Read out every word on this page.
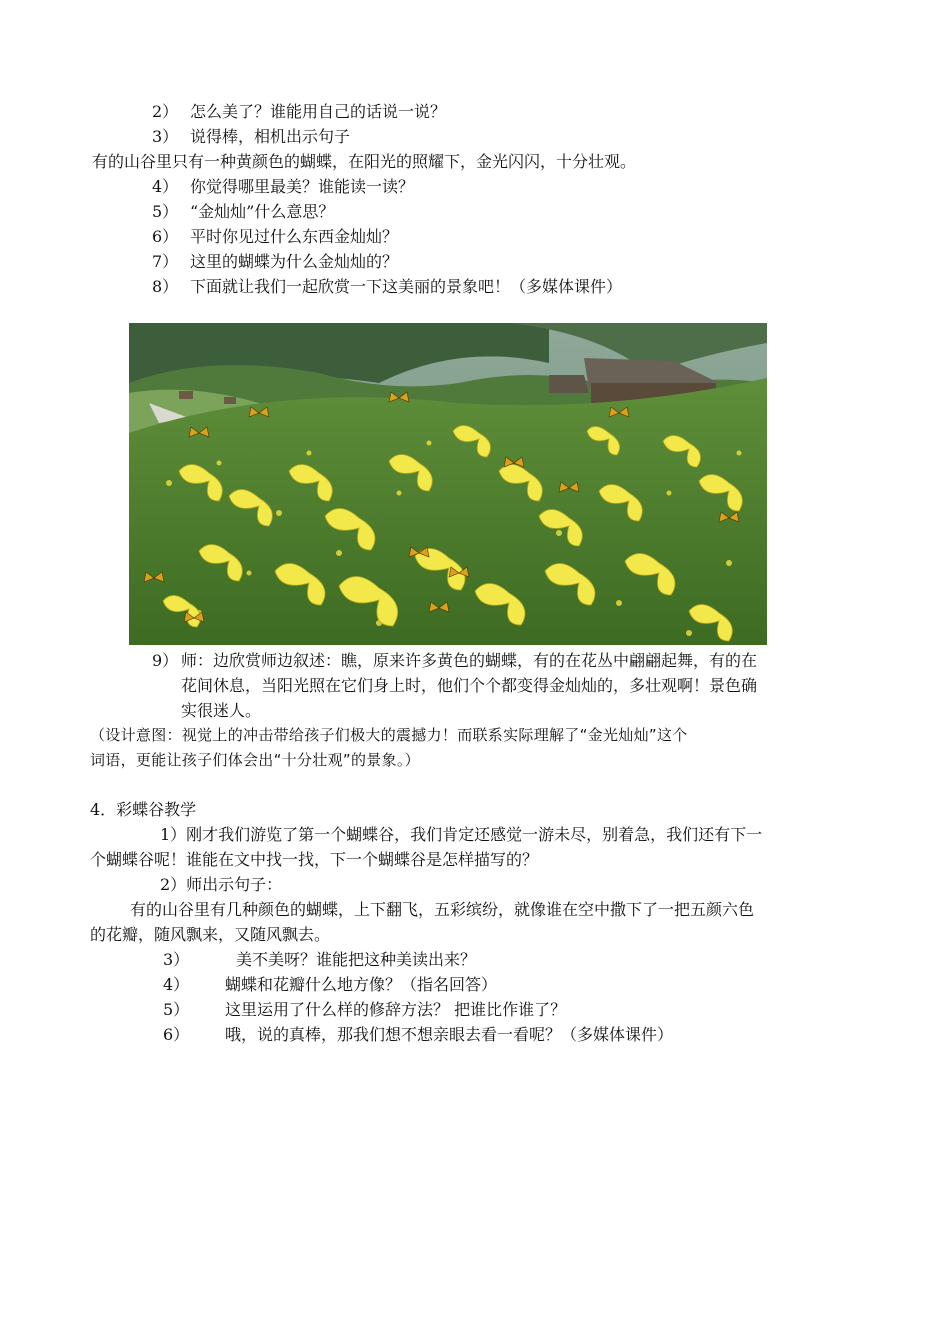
2） 怎么美了？谁能用自己的话说一说？
3） 说得棒，相机出示句子
有的山谷里只有一种黄颜色的蝴蝶，在阳光的照耀下，金光闪闪，十分壮观。
4） 你觉得哪里最美？谁能读一读？
5） “金灿灿”什么意思？
6） 平时你见过什么东西金灿灿？
7） 这里的蝴蝶为什么金灿灿的？
8） 下面就让我们一起欣赏一下这美丽的景象吧！（多媒体课件）
9） 师：边欣赏师边叙述：瞧，原来许多黄色的蝴蝶，有的在花丛中翩翩起舞，有的在
花间休息，当阳光照在它们身上时，他们个个都变得金灿灿的，多壮观啊！景色确
实很迷人。
（设计意图：视觉上的冲击带给孩子们极大的震撼力！而联系实际理解了“金光灿灿”这个
词语，更能让孩子们体会出“十分壮观”的景象。）
4．彩蝶谷教学
1）刚才我们游览了第一个蝴蝶谷，我们肯定还感觉一游未尽，别着急，我们还有下一
个蝴蝶谷呢！谁能在文中找一找，下一个蝴蝶谷是怎样描写的？
2）师出示句子：
有的山谷里有几种颜色的蝴蝶，上下翻飞，五彩缤纷，就像谁在空中撒下了一把五颜六色
的花瓣，随风飘来，又随风飘去。
3）	美不美呀？谁能把这种美读出来？
4） 蝴蝶和花瓣什么地方像？（指名回答）
5） 这里运用了什么样的修辞方法？ 把谁比作谁了？
6） 哦，说的真棒，那我们想不想亲眼去看一看呢？（多媒体课件）
